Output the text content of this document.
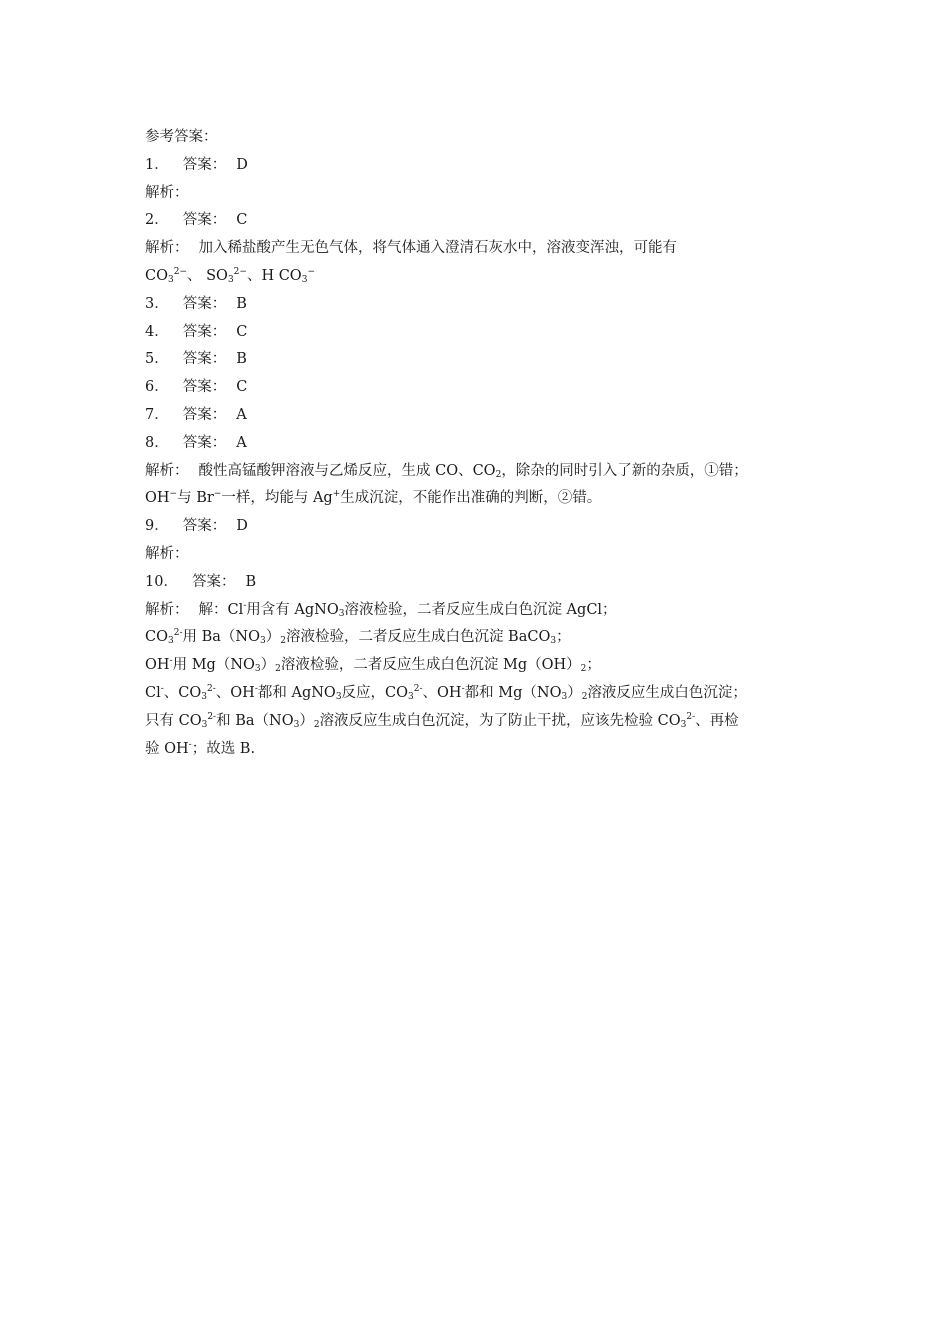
参考答案：
1． 答案： D
解析：
2． 答案： C
解析： 加入稀盐酸产生无色气体，将气体通入澄清石灰水中，溶液变浑浊，可能有
$CO_3^{2-}$、 $SO_3^{2-}$、H $CO_3^-$
3． 答案： B
4． 答案： C
5． 答案： B
6． 答案： C
7． 答案： A
8． 答案： A
解析： 酸性高锰酸钾溶液与乙烯反应，生成 CO、$CO_2$，除杂的同时引入了新的杂质，①错；
OH−与 Br−一样，均能与 Ag+生成沉淀，不能作出准确的判断，②错。
9． 答案： D
解析：
10． 答案： B
解析： 解：Cl-用含有 AgNO$_3$溶液检验，二者反应生成白色沉淀 AgCl；
$CO_3^{2-}$用 $Ba(NO_3)_2$溶液检验，二者反应生成白色沉淀 BaCO$_3$；
OH-用 $Mg(NO_3)_2$溶液检验，二者反应生成白色沉淀 $Mg(OH)_2$；
Cl-、$CO_3^{2-}$、OH-都和 AgNO$_3$反应，$CO_3^{2-}$、OH-都和 $Mg(NO_3)_2$溶液反应生成白色沉淀；
只有 $CO_3^{2-}$和 $Ba(NO_3)_2$溶液反应生成白色沉淀，为了防止干扰，应该先检验 $CO_3^{2-}$、再检
验 OH-；故选 B.
